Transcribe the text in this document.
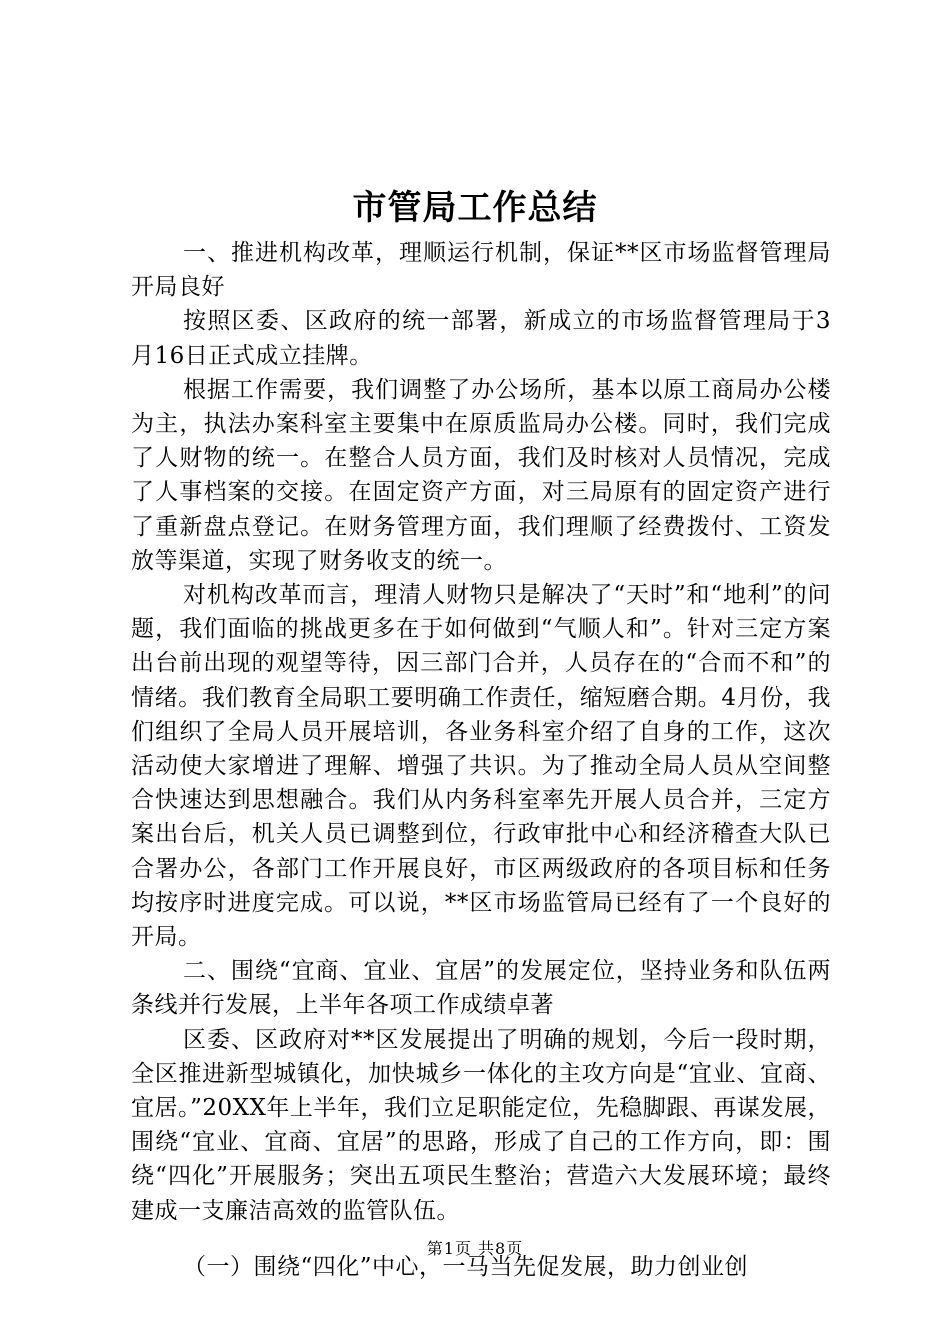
市管局工作总结

一、推进机构改革，理顺运行机制，保证**区市场监督管理局开局良好

按照区委、区政府的统一部署，新成立的市场监督管理局于3月16日正式成立挂牌。

根据工作需要，我们调整了办公场所，基本以原工商局办公楼为主，执法办案科室主要集中在原质监局办公楼。同时，我们完成了人财物的统一。在整合人员方面，我们及时核对人员情况，完成了人事档案的交接。在固定资产方面，对三局原有的固定资产进行了重新盘点登记。在财务管理方面，我们理顺了经费拨付、工资发放等渠道，实现了财务收支的统一。

对机构改革而言，理清人财物只是解决了“天时”和“地利”的问题，我们面临的挑战更多在于如何做到“气顺人和”。针对三定方案出台前出现的观望等待，因三部门合并，人员存在的“合而不和”的情绪。我们教育全局职工要明确工作责任，缩短磨合期。4月份，我们组织了全局人员开展培训，各业务科室介绍了自身的工作，这次活动使大家增进了理解、增强了共识。为了推动全局人员从空间整合快速达到思想融合。我们从内务科室率先开展人员合并，三定方案出台后，机关人员已调整到位，行政审批中心和经济稽查大队已合署办公，各部门工作开展良好，市区两级政府的各项目标和任务均按序时进度完成。可以说，**区市场监管局已经有了一个良好的开局。

二、围绕“宜商、宜业、宜居”的发展定位，坚持业务和队伍两条线并行发展，上半年各项工作成绩卓著

区委、区政府对**区发展提出了明确的规划，今后一段时期，全区推进新型城镇化，加快城乡一体化的主攻方向是“宜业、宜商、宜居。”20XX年上半年，我们立足职能定位，先稳脚跟、再谋发展，围绕“宜业、宜商、宜居”的思路，形成了自己的工作方向，即：围绕“四化”开展服务；突出五项民生整治；营造六大发展环境；最终建成一支廉洁高效的监管队伍。

（一）围绕“四化”中心，一马当先促发展，助力创业创

第1页 共8页
